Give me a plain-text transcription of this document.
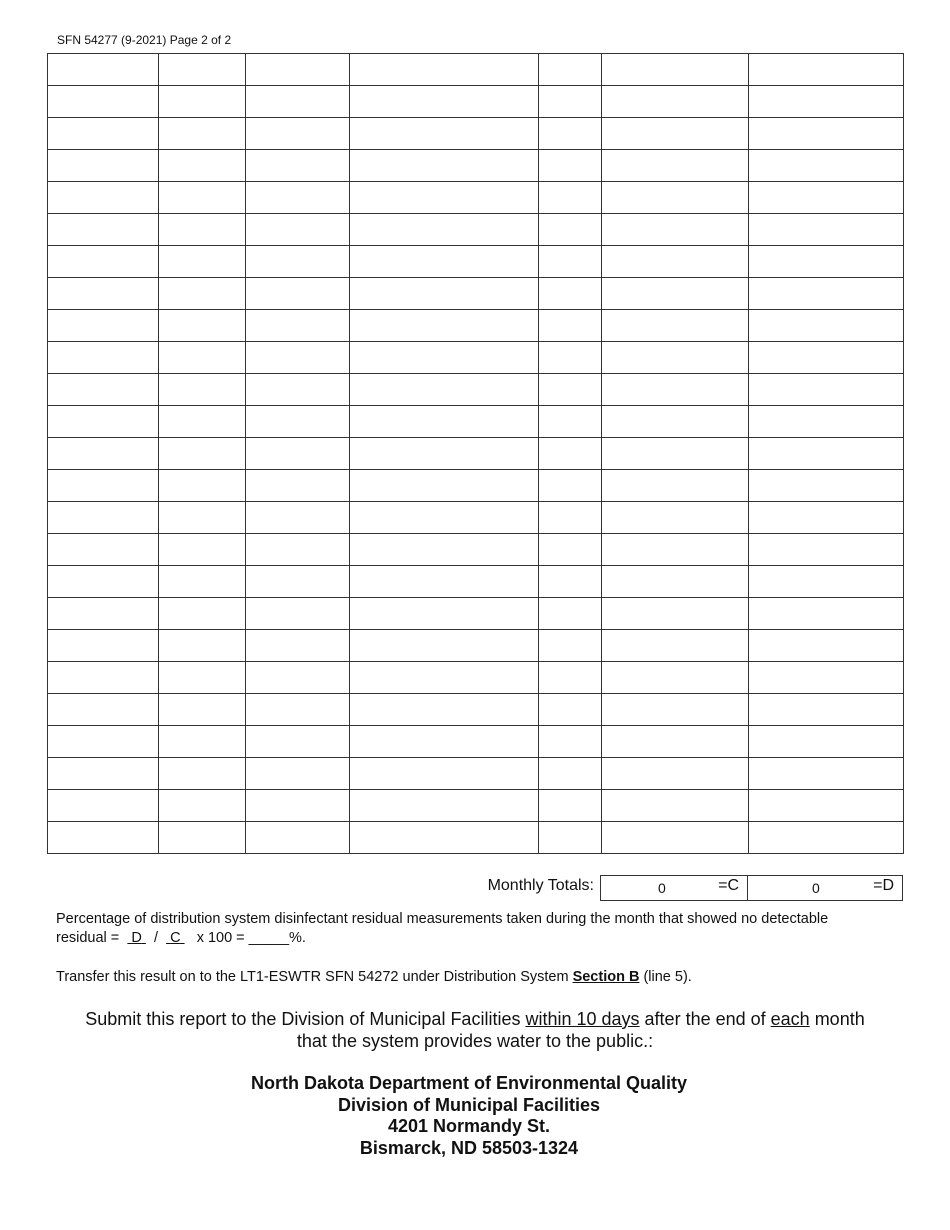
SFN 54277 (9-2021) Page 2 of 2

Monthly Totals:	0	=C	0	=D
Percentage of distribution system disinfectant residual measurements taken during the month that showed no detectable
residual =   D / C x 100 = _____%.
Transfer this result on to the LT1-ESWTR SFN 54272 under Distribution System Section B (line 5).
Submit this report to the Division of Municipal Facilities within 10 days after the end of each month
that the system provides water to the public.:
North Dakota Department of Environmental Quality
Division of Municipal Facilities
4201 Normandy St.
Bismarck, ND 58503-1324
